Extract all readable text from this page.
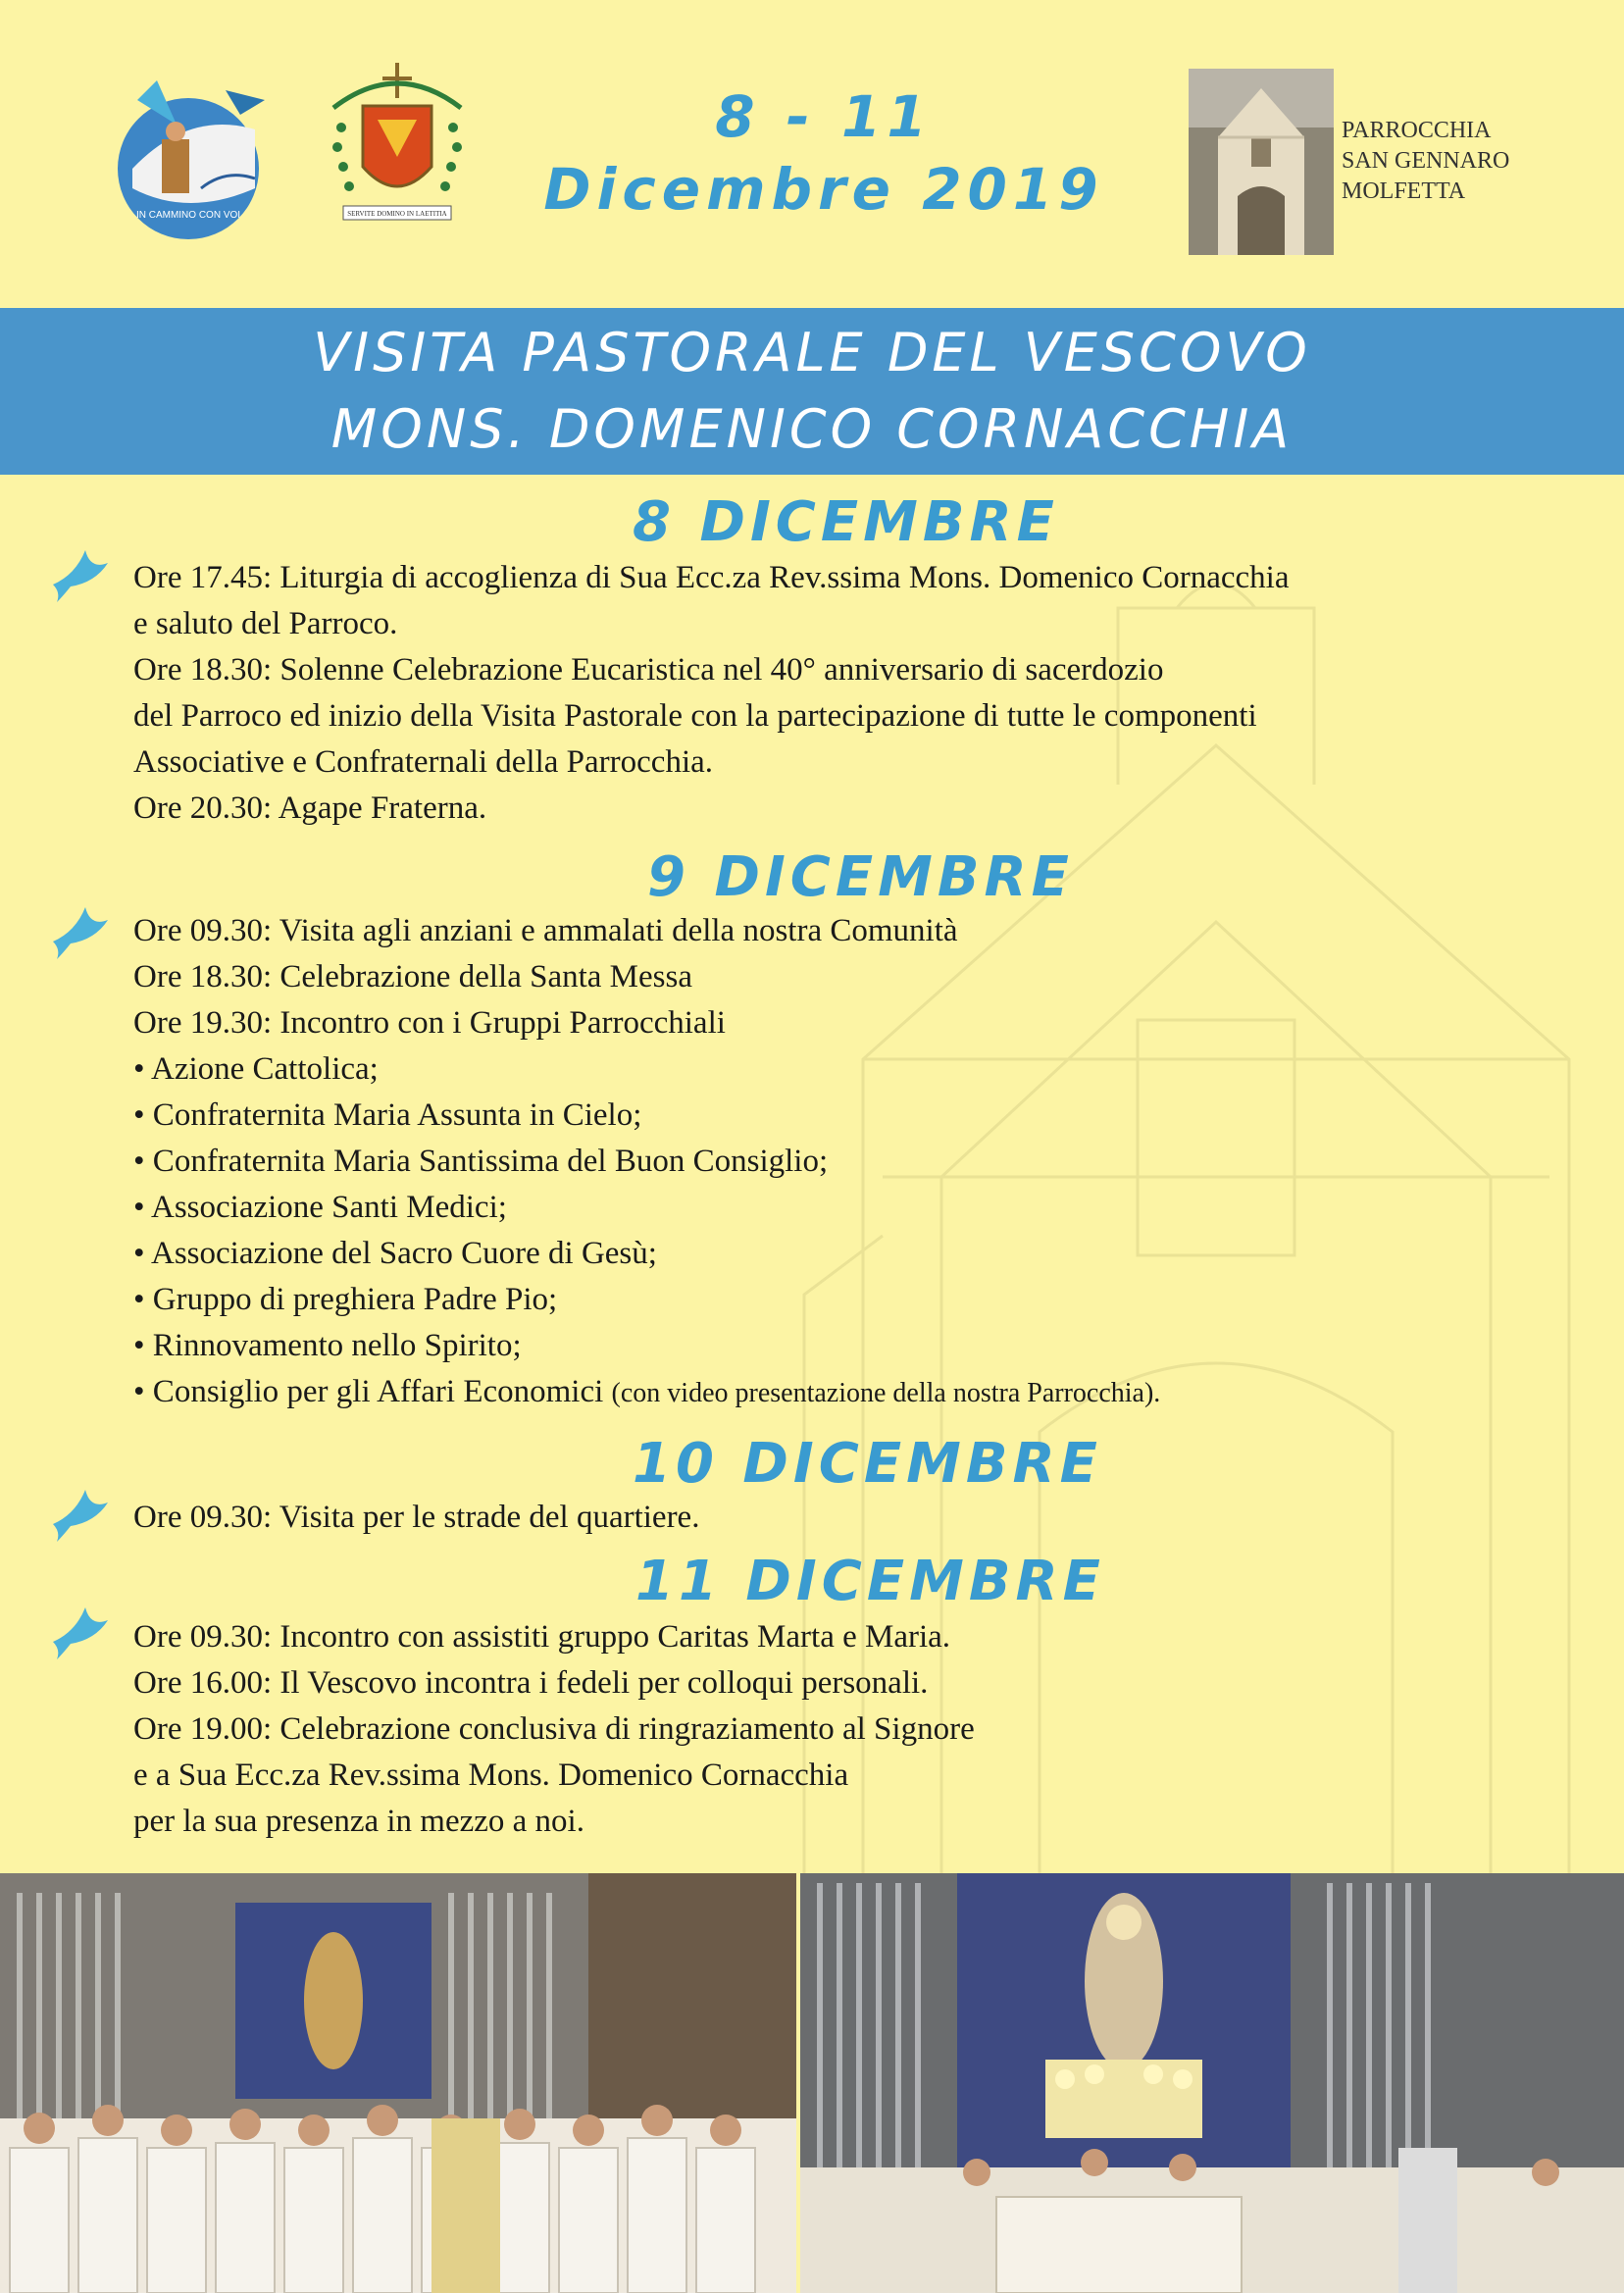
IN CAMMINO CON VOI	SERVITE DOMINO IN LAETITIA
8 - 11
Dicembre 2019
PARROCCHIA
SAN GENNARO
MOLFETTA
VISITA PASTORALE DEL VESCOVO
MONS. DOMENICO CORNACCHIA
8 DICEMBRE
Ore 17.45: Liturgia di accoglienza di Sua Ecc.za Rev.ssima Mons. Domenico Cornacchia
e saluto del Parroco.
Ore 18.30: Solenne Celebrazione Eucaristica nel 40° anniversario di sacerdozio
del Parroco ed inizio della Visita Pastorale con la partecipazione di tutte le componenti
Associative e Confraternali della Parrocchia.
Ore 20.30: Agape Fraterna.
9 DICEMBRE
Ore 09.30: Visita agli anziani e ammalati della nostra Comunità
Ore 18.30: Celebrazione della Santa Messa
Ore 19.30: Incontro con i Gruppi Parrocchiali
• Azione Cattolica;
• Confraternita Maria Assunta in Cielo;
• Confraternita Maria Santissima del Buon Consiglio;
• Associazione Santi Medici;
• Associazione del Sacro Cuore di Gesù;
• Gruppo di preghiera Padre Pio;
• Rinnovamento nello Spirito;
• Consiglio per gli Affari Economici (con video presentazione della nostra Parrocchia).
10 DICEMBRE
Ore 09.30: Visita per le strade del quartiere.
11 DICEMBRE
Ore 09.30: Incontro con assistiti gruppo Caritas Marta e Maria.
Ore 16.00: Il Vescovo incontra i fedeli per colloqui personali.
Ore 19.00: Celebrazione conclusiva di ringraziamento al Signore
e a Sua Ecc.za Rev.ssima Mons. Domenico Cornacchia
per la sua presenza in mezzo a noi.
